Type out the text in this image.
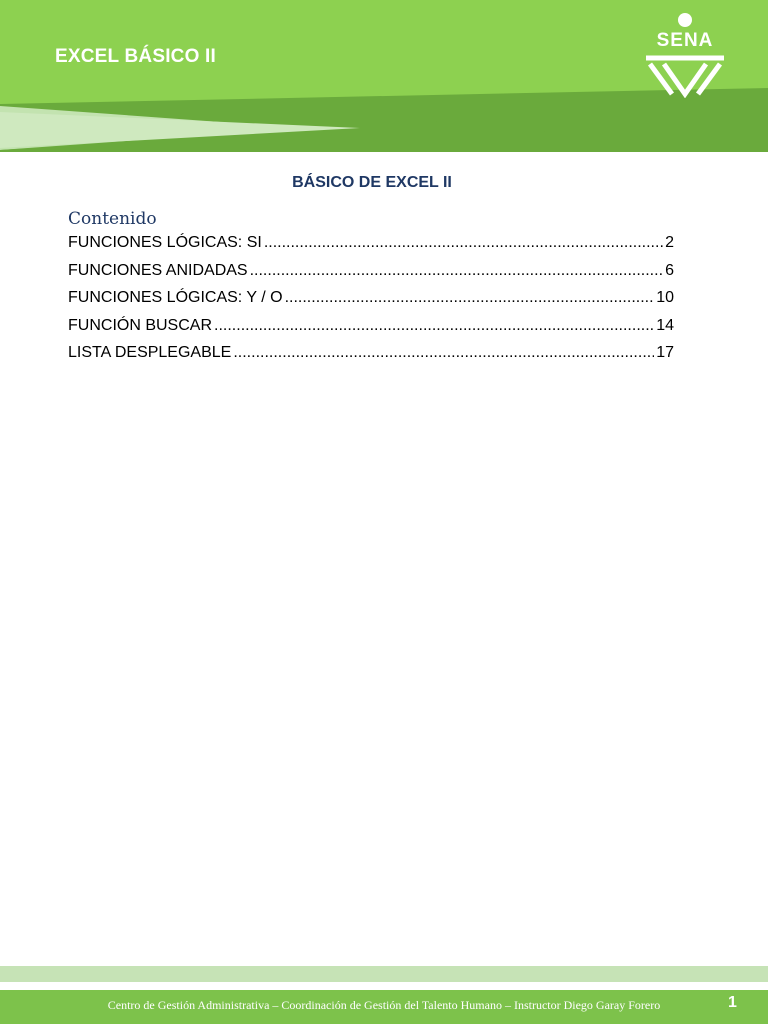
EXCEL BÁSICO II
SENA
BÁSICO DE EXCEL II
Contenido
FUNCIONES LÓGICAS: SI .....	2
FUNCIONES ANIDADAS .....	6
FUNCIONES LÓGICAS: Y / O .....	10
FUNCIÓN BUSCAR .....	14
LISTA DESPLEGABLE .....	17
Centro de Gestión Administrativa – Coordinación de Gestión del Talento Humano – Instructor Diego Garay Forero	1
